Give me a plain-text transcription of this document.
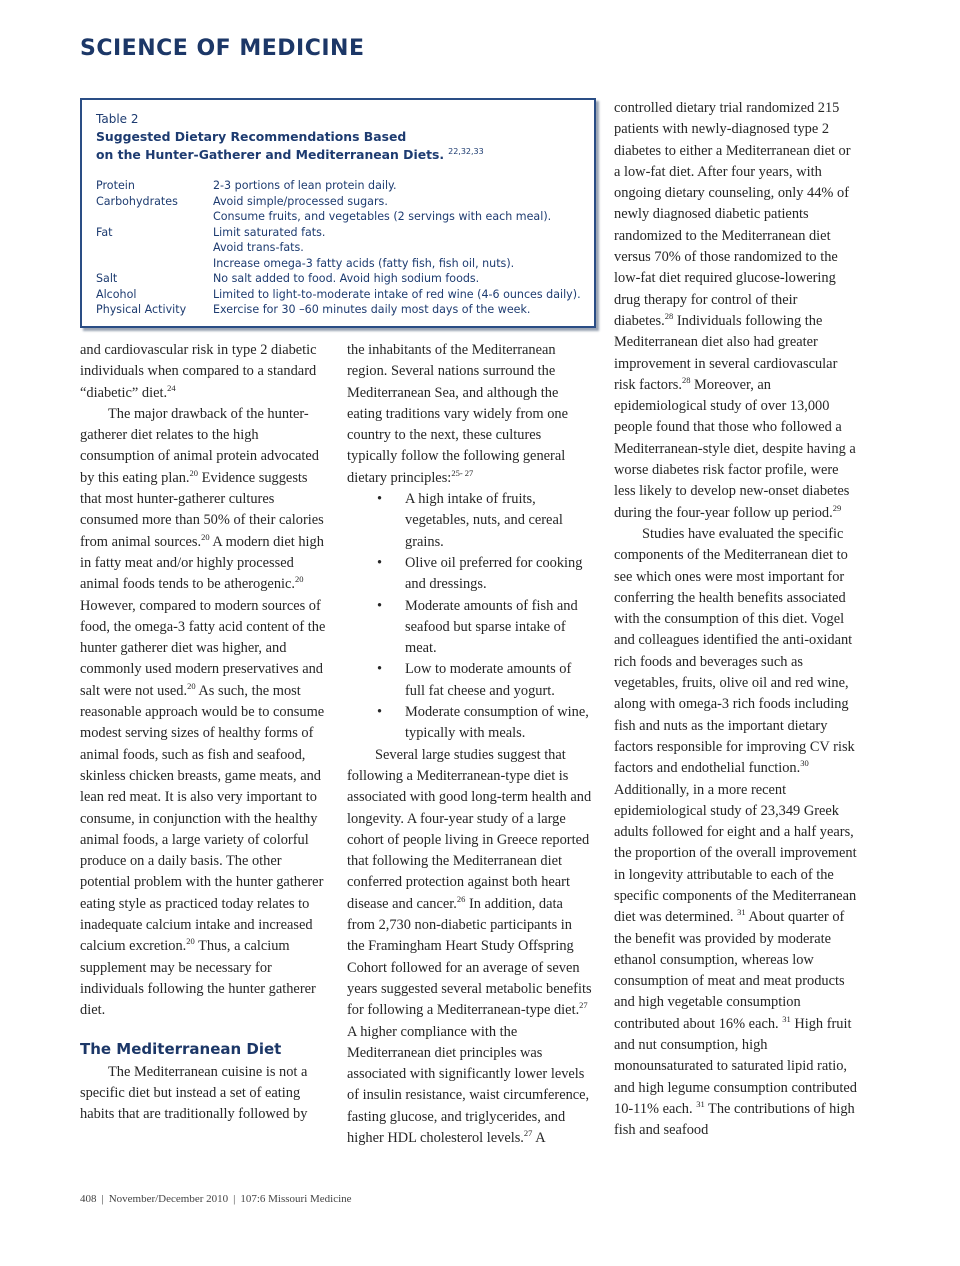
SCIENCE OF MEDICINE
Table 2
Suggested Dietary Recommendations Based
on the Hunter-Gatherer and Mediterranean Diets. $^{22,32,33}$
Protein	2-3 portions of lean protein daily.
Carbohydrates	Avoid simple/processed sugars.
Consume fruits, and vegetables (2 servings with each meal).
Fat	Limit saturated fats.
Avoid trans-fats.
Increase omega-3 fatty acids (fatty fish, fish oil, nuts).
Salt	No salt added to food. Avoid high sodium foods.
Alcohol	Limited to light-to-moderate intake of red wine (4-6 ounces daily).
Physical Activity	Exercise for 30 –60 minutes daily most days of the week.

and cardiovascular risk in type 2 diabetic individuals when compared to a standard “diabetic” diet.$^{24}$

The major drawback of the hunter-gatherer diet relates to the high consumption of animal protein advocated by this eating plan.$^{20}$ Evidence suggests that most hunter-gatherer cultures consumed more than 50% of their calories from animal sources.$^{20}$ A modern diet high in fatty meat and/or highly processed animal foods tends to be atherogenic.$^{20}$ However, compared to modern sources of food, the omega-3 fatty acid content of the hunter gatherer diet was higher, and commonly used modern preservatives and salt were not used.$^{20}$ As such, the most reasonable approach would be to consume modest serving sizes of healthy forms of animal foods, such as fish and seafood, skinless chicken breasts, game meats, and lean red meat. It is also very important to consume, in conjunction with the healthy animal foods, a large variety of colorful produce on a daily basis. The other potential problem with the hunter gatherer eating style as practiced today relates to inadequate calcium intake and increased calcium excretion.$^{20}$ Thus, a calcium supplement may be necessary for individuals following the hunter gatherer diet.

The Mediterranean Diet

The Mediterranean cuisine is not a specific diet but instead a set of eating habits that are traditionally followed by

the inhabitants of the Mediterranean region. Several nations surround the Mediterranean Sea, and although the eating traditions vary widely from one country to the next, these cultures typically follow the following general dietary principles:$^{25- 27}$

• A high intake of fruits, vegetables, nuts, and cereal grains.
• Olive oil preferred for cooking and dressings.
• Moderate amounts of fish and seafood but sparse intake of meat.
• Low to moderate amounts of full fat cheese and yogurt.
• Moderate consumption of wine, typically with meals.

Several large studies suggest that following a Mediterranean-type diet is associated with good long-term health and longevity. A four-year study of a large cohort of people living in Greece reported that following the Mediterranean diet conferred protection against both heart disease and cancer.$^{26}$ In addition, data from 2,730 non-diabetic participants in the Framingham Heart Study Offspring Cohort followed for an average of seven years suggested several metabolic benefits for following a Mediterranean-type diet.$^{27}$ A higher compliance with the Mediterranean diet principles was associated with significantly lower levels of insulin resistance, waist circumference, fasting glucose, and triglycerides, and higher HDL cholesterol levels.$^{27}$ A

controlled dietary trial randomized 215 patients with newly-diagnosed type 2 diabetes to either a Mediterranean diet or a low-fat diet. After four years, with ongoing dietary counseling, only 44% of newly diagnosed diabetic patients randomized to the Mediterranean diet versus 70% of those randomized to the low-fat diet required glucose-lowering drug therapy for control of their diabetes.$^{28}$ Individuals following the Mediterranean diet also had greater improvement in several cardiovascular risk factors.$^{28}$ Moreover, an epidemiological study of over 13,000 people found that those who followed a Mediterranean-style diet, despite having a worse diabetes risk factor profile, were less likely to develop new-onset diabetes during the four-year follow up period.$^{29}$

Studies have evaluated the specific components of the Mediterranean diet to see which ones were most important for conferring the health benefits associated with the consumption of this diet. Vogel and colleagues identified the anti-oxidant rich foods and beverages such as vegetables, fruits, olive oil and red wine, along with omega-3 rich foods including fish and nuts as the important dietary factors responsible for improving CV risk factors and endothelial function.$^{30}$ Additionally, in a more recent epidemiological study of 23,349 Greek adults followed for eight and a half years, the proportion of the overall improvement in longevity attributable to each of the specific components of the Mediterranean diet was determined. $^{31}$ About quarter of the benefit was provided by moderate ethanol consumption, whereas low consumption of meat and meat products and high vegetable consumption contributed about 16% each. $^{31}$ High fruit and nut consumption, high monounsaturated to saturated lipid ratio, and high legume consumption contributed 10-11% each. $^{31}$ The contributions of high fish and seafood

408 | November/December 2010 | 107:6 Missouri Medicine
